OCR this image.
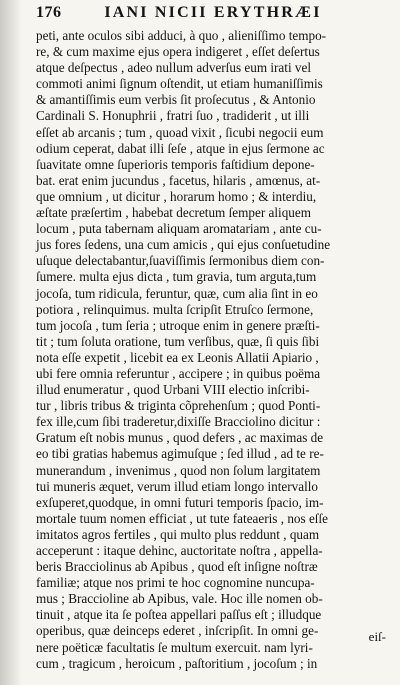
176	IANI NICII ERYTHRÆI
peti, ante oculos sibi adduci, à quo , alieniſſimo tempo-
re, & cum maxime ejus opera indigeret , eſſet deſertus
atque deſpectus , adeo nullum adverſus eum irati vel
commoti animi ſignum oſtendit, ut etiam humaniſſimis
& amantiſſimis eum verbis ſit proſecutus , & Antonio
Cardinali S. Honuphrii , fratri ſuo , tradiderit , ut illi
eſſet ab arcanis ; tum , quoad vixit , ſicubi negocii eum
odium ceperat, dabat illi ſeſe , atque in ejus ſermone ac
ſuavitate omne ſuperioris temporis faſtidium depone-
bat. erat enim jucundus , facetus, hilaris , amœnus, at-
que omnium , ut dicitur , horarum homo ; & interdiu,
æſtate præſertim , habebat decretum ſemper aliquem
locum , puta tabernam aliquam aromatariam , ante cu-
jus fores ſedens, una cum amicis , qui ejus conſuetudine
uſuque delectabantur,ſuaviſſimis ſermonibus diem con-
ſumere. multa ejus dicta , tum gravia, tum arguta,tum
jocoſa, tum ridicula, feruntur, quæ, cum alia ſint in eo
potiora , relinquimus. multa ſcripſit Etruſco ſermone,
tum jocoſa , tum ſeria ; utroque enim in genere præſti-
tit ; tum ſoluta oratione, tum verſibus, quæ, ſi quis ſibi
nota eſſe expetit , licebit ea ex Leonis Allatii Apiario ,
ubi fere omnia referuntur , accipere ; in quibus poëma
illud enumeratur , quod Urbani VIII electio inſcribi-
tur , libris tribus & triginta cõprehenſum ; quod Ponti-
fex ille,cum ſibi traderetur,dixiſſe Bracciolino dicitur :
Gratum eſt nobis munus , quod defers , ac maximas de
eo tibi gratias habemus agimuſque ; ſed illud , ad te re-
munerandum , invenimus , quod non ſolum largitatem
tui muneris æquet, verum illud etiam longo intervallo
exſuperet,quodque, in omni futuri temporis ſpacio, im-
mortale tuum nomen efficiat , ut tute fateaeris , nos eſſe
imitatos agros fertiles , qui multo plus reddunt , quam
acceperunt : itaque dehinc, auctoritate noſtra , appella-
beris Bracciolinus ab Apibus , quod eſt inſigne noſtræ
familiæ; atque nos primi te hoc cognomine nuncupa-
mus ; Braccioline ab Apibus, vale. Hoc ille nomen ob-
tinuit , atque ita ſe poſtea appellari paſſus eſt ; illudque
operibus, quæ deinceps ederet , inſcripſit. In omni ge-
nere poëticæ facultatis ſe multum exercuit. nam lyri-
cum , tragicum , heroicum , paſtoritium , jocoſum ; in
eiſ-
